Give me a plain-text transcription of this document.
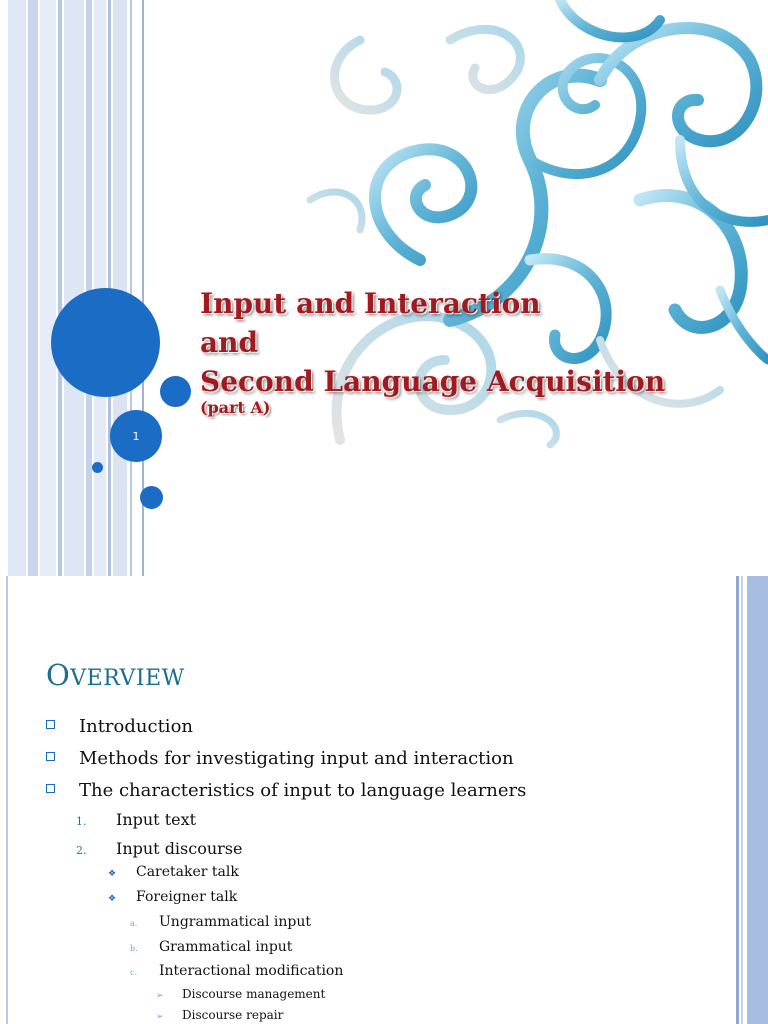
1
Input and Interaction
and
Second Language Acquisition
(part A)
OVERVIEW
Introduction
Methods for investigating input and interaction
The characteristics of input to language learners
1.	Input text
2.	Input discourse
❖	Caretaker talk
❖	Foreigner talk
a.	Ungrammatical input
b.	Grammatical input
c.	Interactional modification
➢	Discourse management
➢	Discourse repair
